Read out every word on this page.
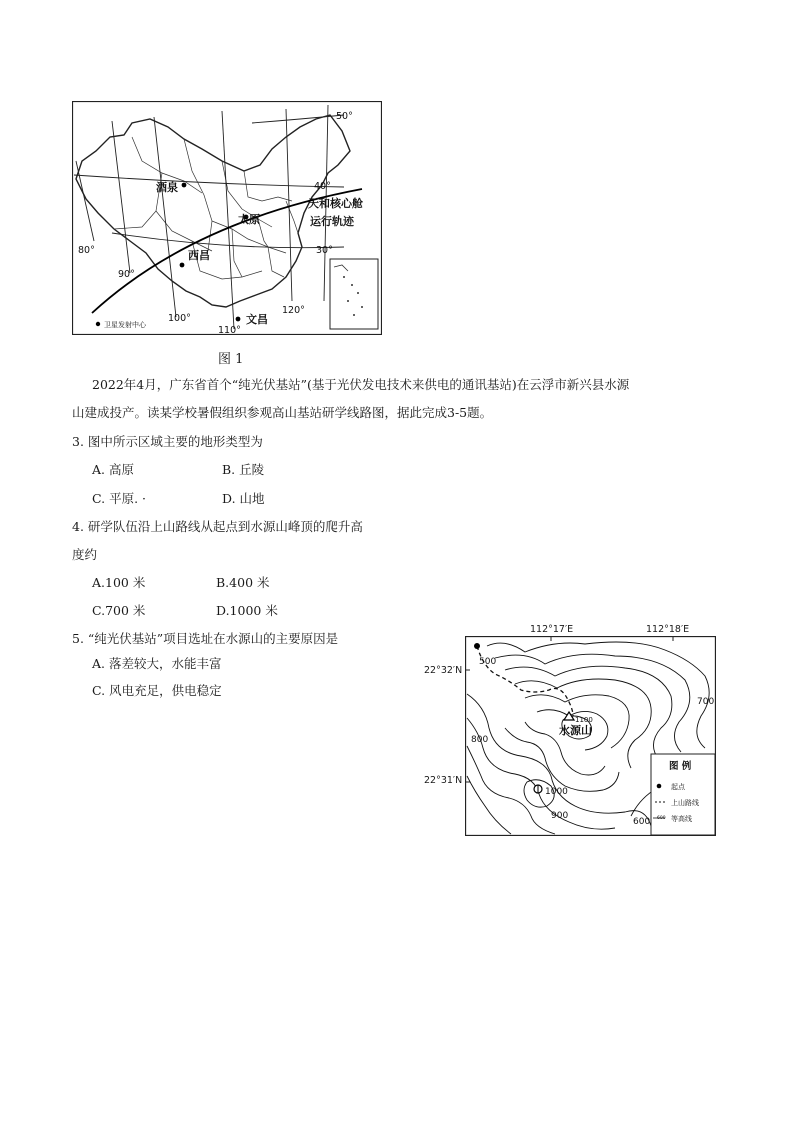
50°
40°
30°
80°
90°
100°
110°
120°
酒泉
太原
西昌
文昌
天和核心舱
运行轨迹
卫星发射中心
图 1
2022年4月，广东省首个“纯光伏基站”(基于光伏发电技术来供电的通讯基站)在云浮市新兴县水源
山建成投产。读某学校暑假组织参观高山基站研学线路图，据此完成3-5题。
3. 图中所示区域主要的地形类型为
A. 高原	B. 丘陵
C. 平原. ·	D. 山地
4. 研学队伍沿上山路线从起点到水源山峰顶的爬升高
度约
A.100 米	B.400 米
C.700 米	D.1000 米
5. “纯光伏基站”项目选址在水源山的主要原因是
A. 落差较大，水能丰富
C. 风电充足，供电稳定
112°17′E	112°18′E
22°32′N
22°31′N
500
700
800
900
600
1000
1100
水源山
图 例
起点
上山路线
600 等高线
